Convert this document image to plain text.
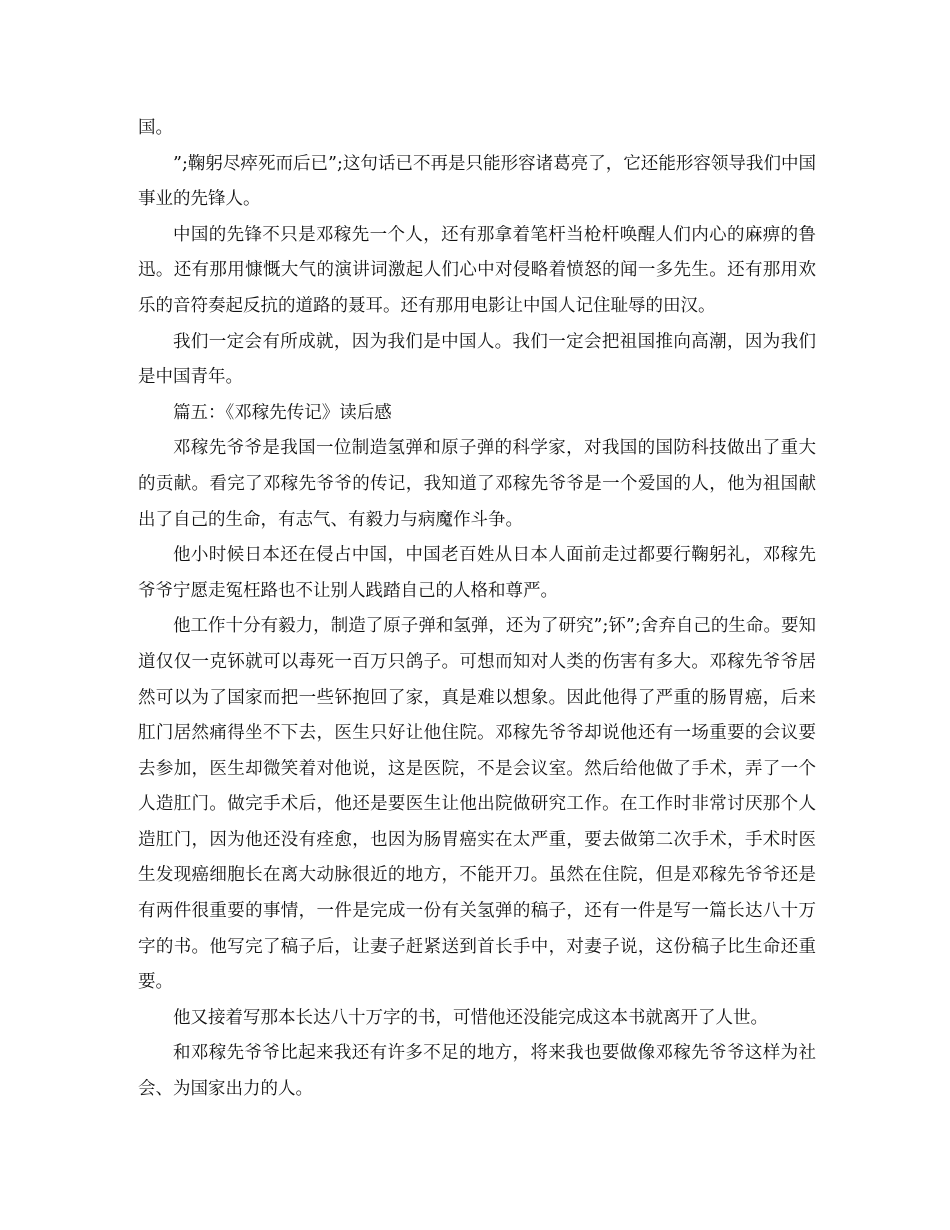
国。

”;鞠躬尽瘁死而后已”;这句话已不再是只能形容诸葛亮了，它还能形容领导我们中国事业的先锋人。

中国的先锋不只是邓稼先一个人，还有那拿着笔杆当枪杆唤醒人们内心的麻痹的鲁迅。还有那用慷慨大气的演讲词激起人们心中对侵略着愤怒的闻一多先生。还有那用欢乐的音符奏起反抗的道路的聂耳。还有那用电影让中国人记住耻辱的田汉。

我们一定会有所成就，因为我们是中国人。我们一定会把祖国推向高潮，因为我们是中国青年。

篇五：《邓稼先传记》读后感

邓稼先爷爷是我国一位制造氢弹和原子弹的科学家，对我国的国防科技做出了重大的贡献。看完了邓稼先爷爷的传记，我知道了邓稼先爷爷是一个爱国的人，他为祖国献出了自己的生命，有志气、有毅力与病魔作斗争。

他小时候日本还在侵占中国，中国老百姓从日本人面前走过都要行鞠躬礼，邓稼先爷爷宁愿走冤枉路也不让别人践踏自己的人格和尊严。

他工作十分有毅力，制造了原子弹和氢弹，还为了研究”;钚”;舍弃自己的生命。要知道仅仅一克钚就可以毒死一百万只鸽子。可想而知对人类的伤害有多大。邓稼先爷爷居然可以为了国家而把一些钚抱回了家，真是难以想象。因此他得了严重的肠胃癌，后来肛门居然痛得坐不下去，医生只好让他住院。邓稼先爷爷却说他还有一场重要的会议要去参加，医生却微笑着对他说，这是医院，不是会议室。然后给他做了手术，弄了一个人造肛门。做完手术后，他还是要医生让他出院做研究工作。在工作时非常讨厌那个人造肛门，因为他还没有痊愈，也因为肠胃癌实在太严重，要去做第二次手术，手术时医生发现癌细胞长在离大动脉很近的地方，不能开刀。虽然在住院，但是邓稼先爷爷还是有两件很重要的事情，一件是完成一份有关氢弹的稿子，还有一件是写一篇长达八十万字的书。他写完了稿子后，让妻子赶紧送到首长手中，对妻子说，这份稿子比生命还重要。

他又接着写那本长达八十万字的书，可惜他还没能完成这本书就离开了人世。

和邓稼先爷爷比起来我还有许多不足的地方，将来我也要做像邓稼先爷爷这样为社会、为国家出力的人。
